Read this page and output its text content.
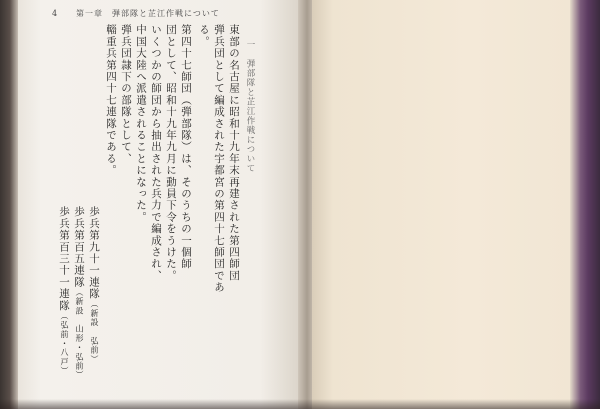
4 第一章　弾部隊と芷江作戦について
一　弾部隊と芷江作戦について
東部の名古屋に昭和十九年末再建された第四師団
弾兵団として編成された宇都宮の第四十七師団であ
る。
第四十七師団（弾部隊）は、そのうちの一個師
団として、昭和十九年九月に動員下令をうけた。
いくつかの師団から抽出された兵力で編成され、
中国大陸へ派遣されることになった。
弾兵団隷下の部隊として、
輜重兵第四十七連隊である。
歩兵第九十一連隊（新設　弘前）
歩兵第百五連隊（新設　山形・弘前）
歩兵第百三十一連隊（弘前・八戸）
